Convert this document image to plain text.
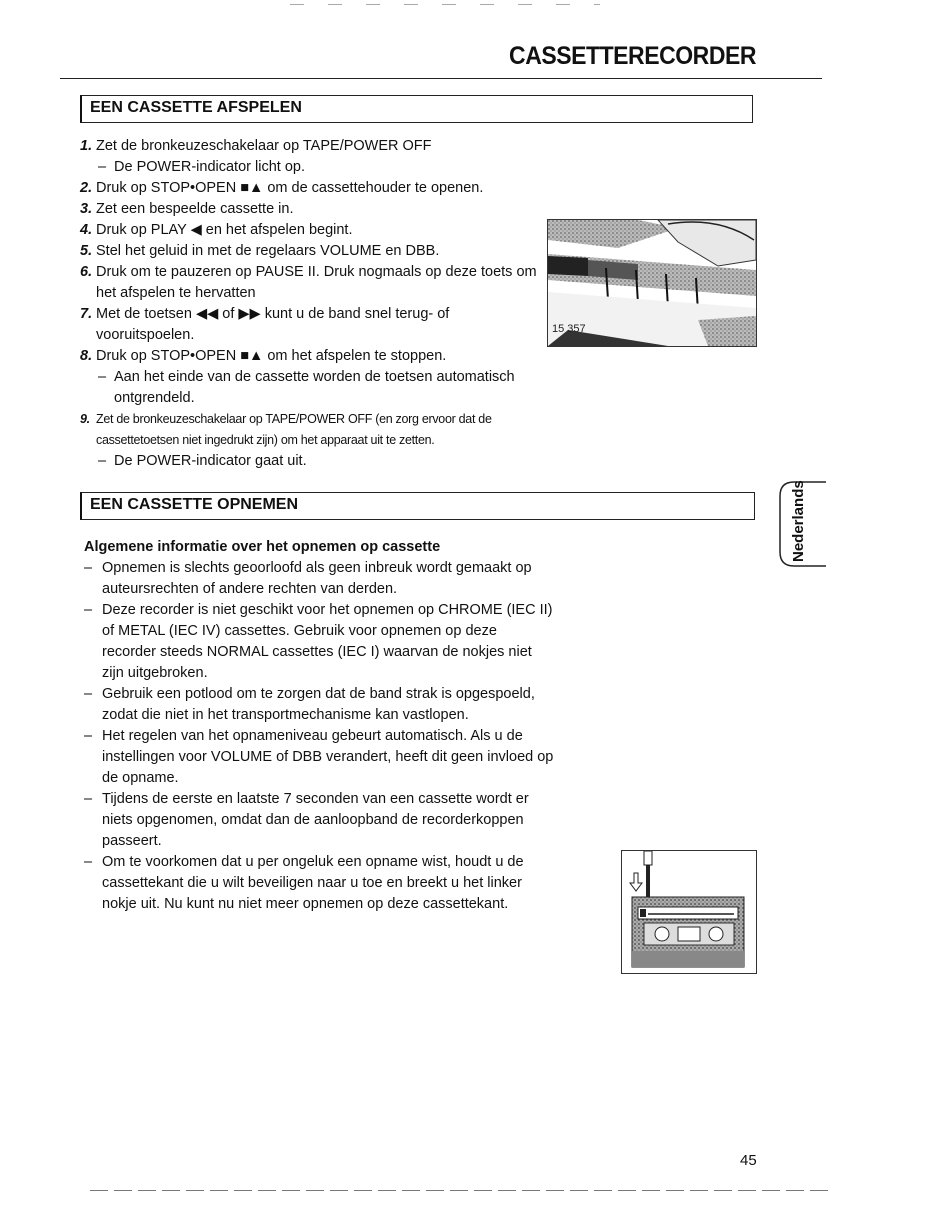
CASSETTERECORDER
EEN CASSETTE AFSPELEN
1. Zet de bronkeuzeschakelaar op TAPE/POWER OFF
– De POWER-indicator licht op.
2. Druk op STOP•OPEN ■▲ om de cassettehouder te openen.
3. Zet een bespeelde cassette in.
4. Druk op PLAY ◀ en het afspelen begint.
5. Stel het geluid in met de regelaars VOLUME en DBB.
6. Druk om te pauzeren op PAUSE II. Druk nogmaals op deze toets om het afspelen te hervatten
7. Met de toetsen ◀◀ of ▶▶ kunt u de band snel terug- of vooruitspoelen.
8. Druk op STOP•OPEN ■▲ om het afspelen te stoppen.
– Aan het einde van de cassette worden de toetsen automatisch ontgrendeld.
9. Zet de bronkeuzeschakelaar op TAPE/POWER OFF (en zorg ervoor dat de cassettetoetsen niet ingedrukt zijn) om het apparaat uit te zetten.
– De POWER-indicator gaat uit.
15 357
EEN CASSETTE OPNEMEN	Nederlands
Algemene informatie over het opnemen op cassette
– Opnemen is slechts geoorloofd als geen inbreuk wordt gemaakt op auteursrechten of andere rechten van derden.
– Deze recorder is niet geschikt voor het opnemen op CHROME (IEC II) of METAL (IEC IV) cassettes. Gebruik voor opnemen op deze recorder steeds NORMAL cassettes (IEC I) waarvan de nokjes niet zijn uitgebroken.
– Gebruik een potlood om te zorgen dat de band strak is opgespoeld, zodat die niet in het transportmechanisme kan vastlopen.
– Het regelen van het opnameniveau gebeurt automatisch. Als u de instellingen voor VOLUME of DBB verandert, heeft dit geen invloed op de opname.
– Tijdens de eerste en laatste 7 seconden van een cassette wordt er niets opgenomen, omdat dan de aanloopband de recorderkoppen passeert.
– Om te voorkomen dat u per ongeluk een opname wist, houdt u de cassettekant die u wilt beveiligen naar u toe en breekt u het linker nokje uit. Nu kunt nu niet meer opnemen op deze cassettekant.
45
